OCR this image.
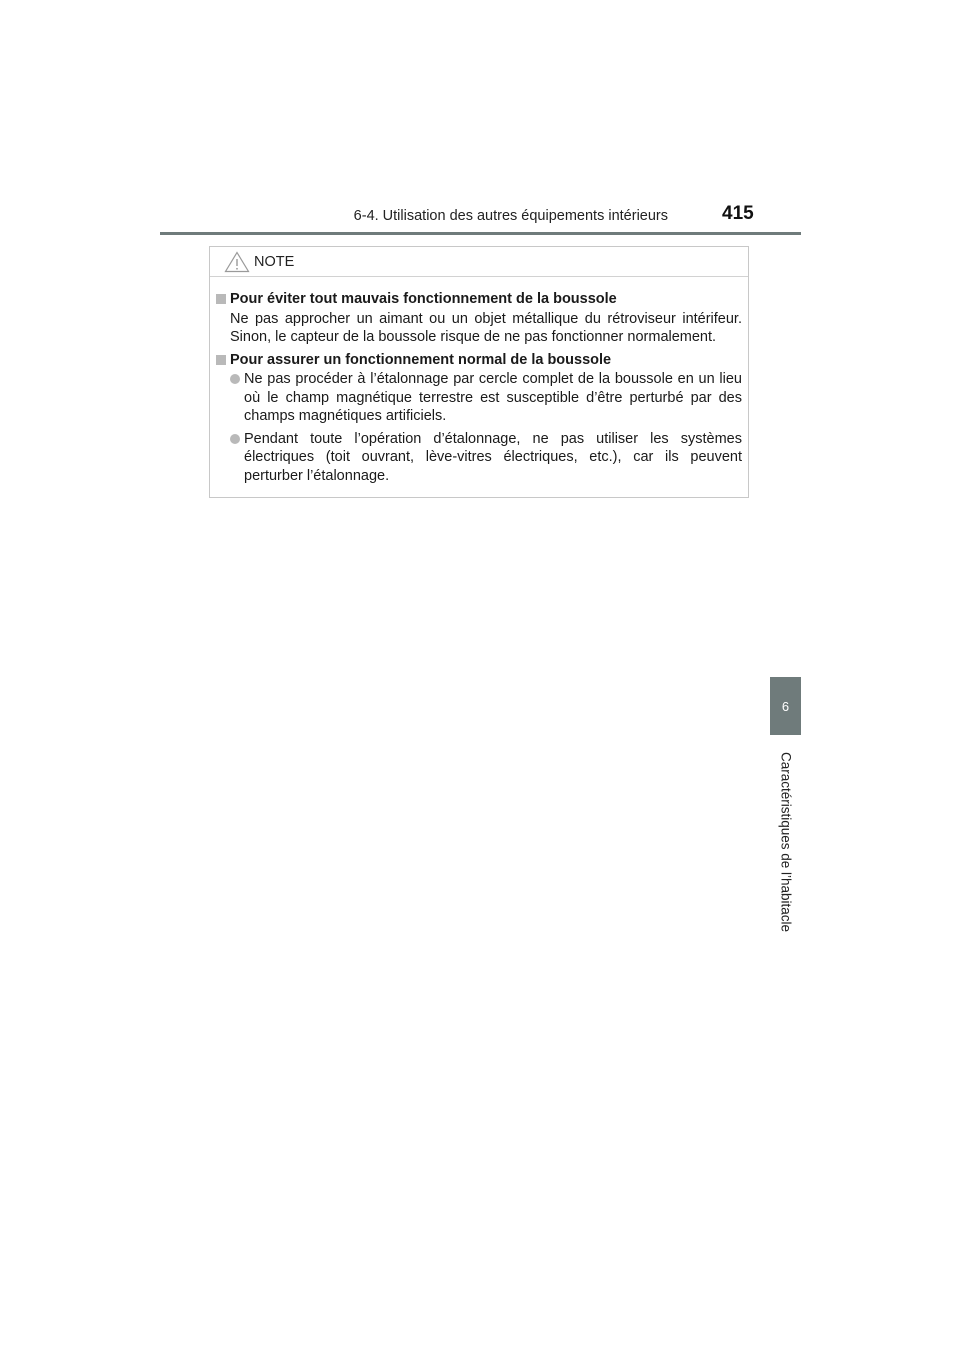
6-4. Utilisation des autres équipements intérieurs	415
6
Caractéristiques de l’habitacle
NOTE
Pour éviter tout mauvais fonctionnement de la boussole
Ne pas approcher un aimant ou un objet métallique du rétroviseur intérifeur. Sinon, le capteur de la boussole risque de ne pas fonctionner normalement.
Pour assurer un fonctionnement normal de la boussole
Ne pas procéder à l’étalonnage par cercle complet de la boussole en un lieu où le champ magnétique terrestre est susceptible d’être perturbé par des champs magnétiques artificiels.
Pendant toute l’opération d’étalonnage, ne pas utiliser les systèmes électriques (toit ouvrant, lève-vitres électriques, etc.), car ils peuvent perturber l’étalonnage.
